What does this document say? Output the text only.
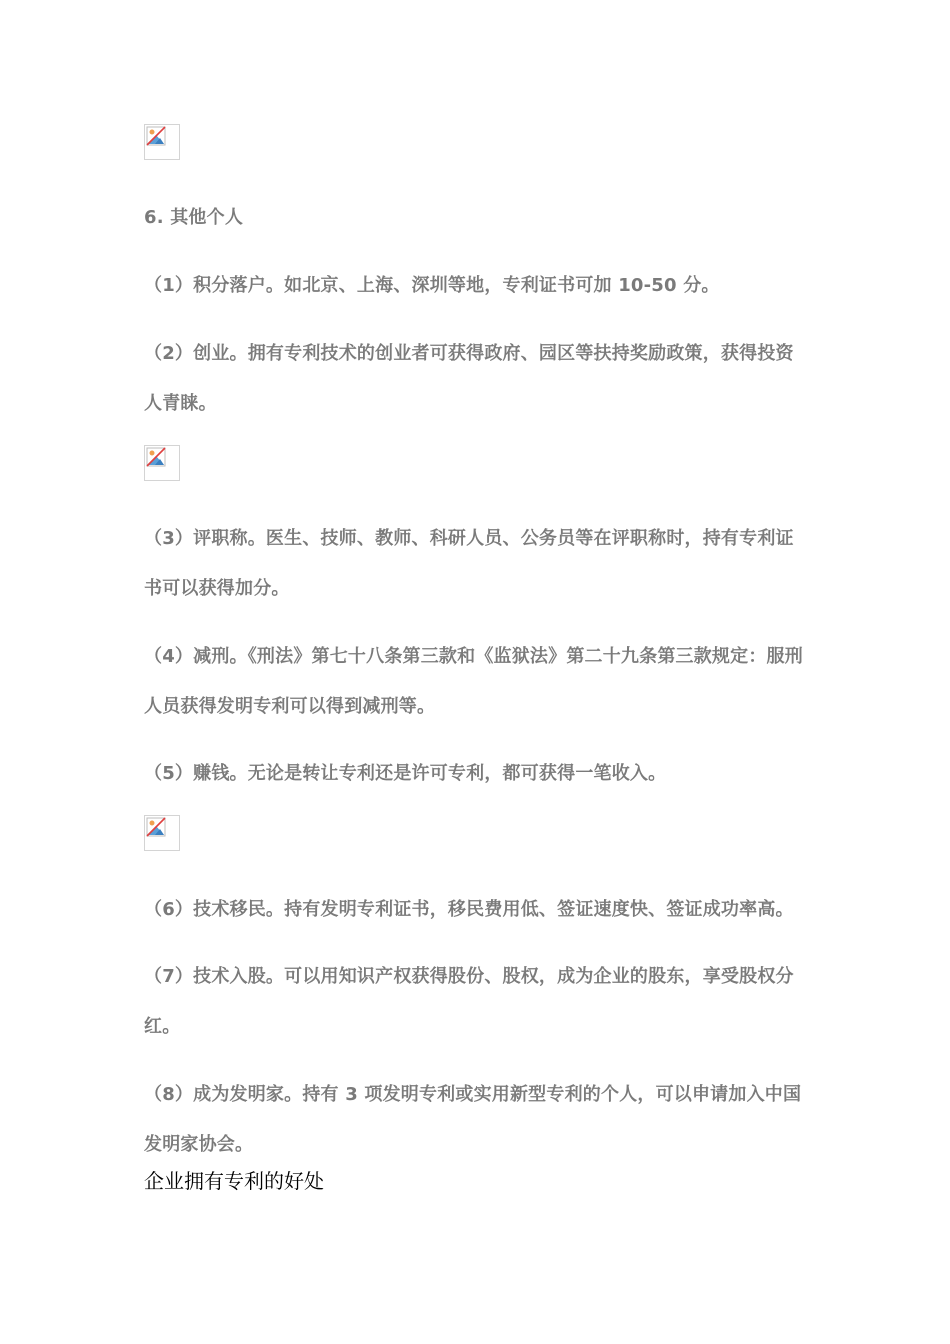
6. 其他个人

（1）积分落户。如北京、上海、深圳等地，专利证书可加 10-50 分。

（2）创业。拥有专利技术的创业者可获得政府、园区等扶持奖励政策，获得投资人青睐。

（3）评职称。医生、技师、教师、科研人员、公务员等在评职称时，持有专利证书可以获得加分。

（4）减刑。《刑法》第七十八条第三款和《监狱法》第二十九条第三款规定：服刑人员获得发明专利可以得到减刑等。

（5）赚钱。无论是转让专利还是许可专利，都可获得一笔收入。

（6）技术移民。持有发明专利证书，移民费用低、签证速度快、签证成功率高。

（7）技术入股。可以用知识产权获得股份、股权，成为企业的股东，享受股权分红。

（8）成为发明家。持有 3 项发明专利或实用新型专利的个人，可以申请加入中国发明家协会。

企业拥有专利的好处
